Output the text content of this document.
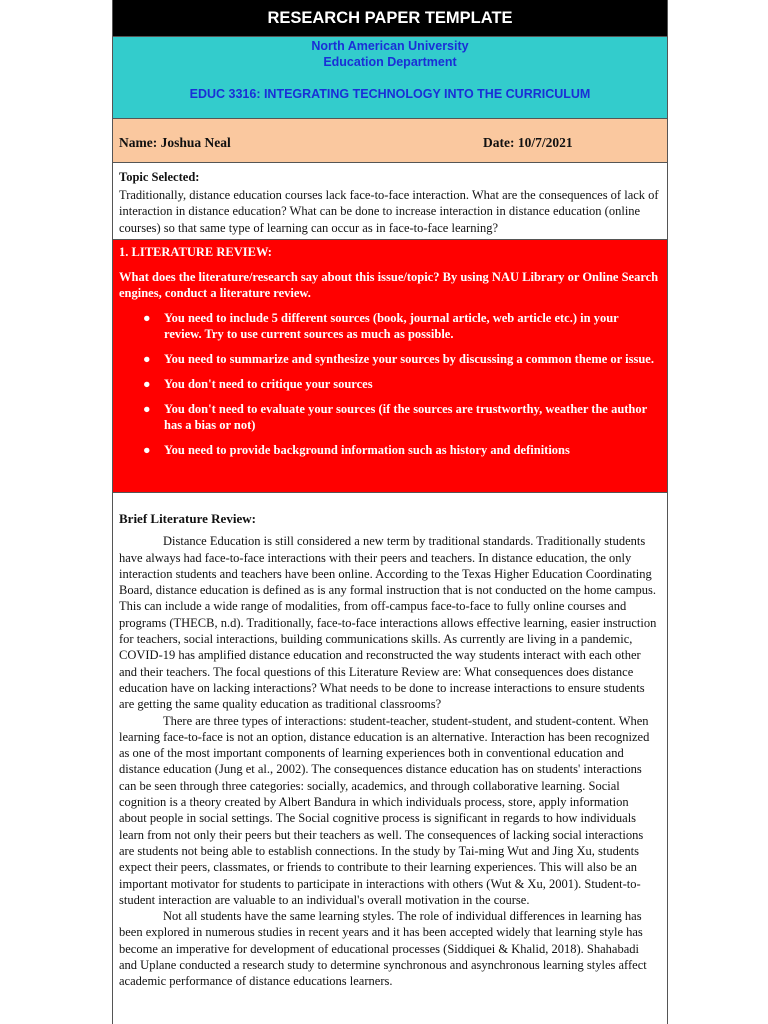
RESEARCH PAPER TEMPLATE
North American University
Education Department
EDUC 3316: INTEGRATING TECHNOLOGY INTO THE CURRICULUM
Name: Joshua Neal	Date: 10/7/2021
Topic Selected:
Traditionally, distance education courses lack face-to-face interaction. What are the consequences of lack of interaction in distance education? What can be done to increase interaction in distance education (online courses) so that same type of learning can occur as in face-to-face learning?
1. LITERATURE REVIEW:
What does the literature/research say about this issue/topic? By using NAU Library or Online Search engines, conduct a literature review.
● You need to include 5 different sources (book, journal article, web article etc.) in your review. Try to use current sources as much as possible.
● You need to summarize and synthesize your sources by discussing a common theme or issue.
● You don't need to critique your sources
● You don't need to evaluate your sources (if the sources are trustworthy, weather the author has a bias or not)
● You need to provide background information such as history and definitions
Brief Literature Review:

Distance Education is still considered a new term by traditional standards. Traditionally students have always had face-to-face interactions with their peers and teachers. In distance education, the only interaction students and teachers have been online. According to the Texas Higher Education Coordinating Board, distance education is defined as is any formal instruction that is not conducted on the home campus. This can include a wide range of modalities, from off-campus face-to-face to fully online courses and programs (THECB, n.d). Traditionally, face-to-face interactions allows effective learning, easier instruction for teachers, social interactions, building communications skills. As currently are living in a pandemic, COVID-19 has amplified distance education and reconstructed the way students interact with each other and their teachers. The focal questions of this Literature Review are: What consequences does distance education have on lacking interactions? What needs to be done to increase interactions to ensure students are getting the same quality education as traditional classrooms?

There are three types of interactions: student-teacher, student-student, and student-content. When learning face-to-face is not an option, distance education is an alternative. Interaction has been recognized as one of the most important components of learning experiences both in conventional education and distance education (Jung et al., 2002). The consequences distance education has on students' interactions can be seen through three categories: socially, academics, and through collaborative learning. Social cognition is a theory created by Albert Bandura in which individuals process, store, apply information about people in social settings. The Social cognitive process is significant in regards to how individuals learn from not only their peers but their teachers as well. The consequences of lacking social interactions are students not being able to establish connections. In the study by Tai-ming Wut and Jing Xu, students expect their peers, classmates, or friends to contribute to their learning experiences. This will also be an important motivator for students to participate in interactions with others (Wut & Xu, 2001). Student-to-student interaction are valuable to an individual's overall motivation in the course.

Not all students have the same learning styles. The role of individual differences in learning has been explored in numerous studies in recent years and it has been accepted widely that learning style has become an imperative for development of educational processes (Siddiquei & Khalid, 2018). Shahabadi and Uplane conducted a research study to determine synchronous and asynchronous learning styles affect academic performance of distance educations learners.
